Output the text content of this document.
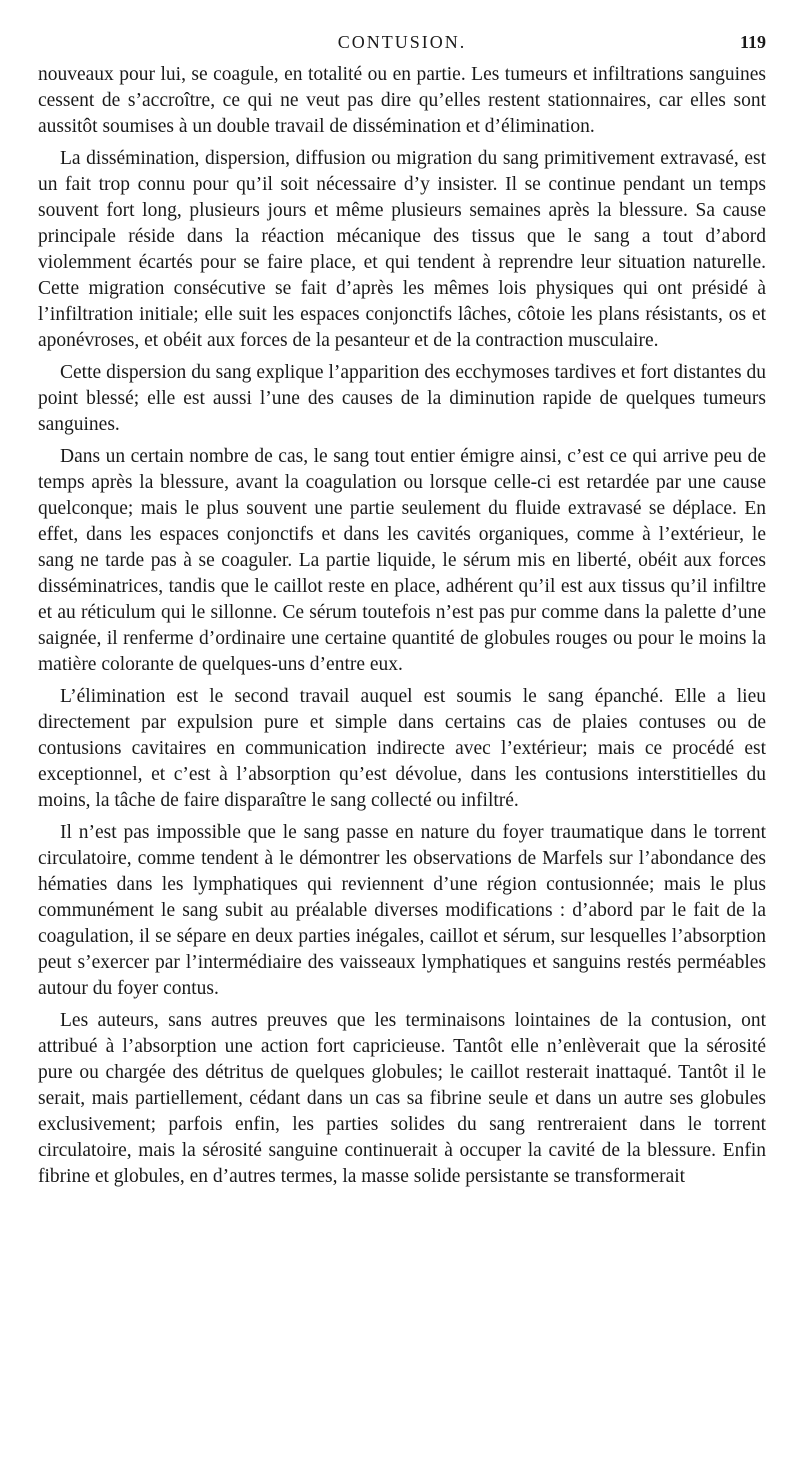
CONTUSION.	119

nouveaux pour lui, se coagule, en totalité ou en partie. Les tumeurs et infiltrations sanguines cessent de s’accroître, ce qui ne veut pas dire qu’elles restent stationnaires, car elles sont aussitôt soumises à un double travail de dissémination et d’élimination.

La dissémination, dispersion, diffusion ou migration du sang primitivement extravasé, est un fait trop connu pour qu’il soit nécessaire d’y insister. Il se continue pendant un temps souvent fort long, plusieurs jours et même plusieurs semaines après la blessure. Sa cause principale réside dans la réaction mécanique des tissus que le sang a tout d’abord violemment écartés pour se faire place, et qui tendent à reprendre leur situation naturelle. Cette migration consécutive se fait d’après les mêmes lois physiques qui ont présidé à l’infiltration initiale; elle suit les espaces conjonctifs lâches, côtoie les plans résistants, os et aponévroses, et obéit aux forces de la pesanteur et de la contraction musculaire.

Cette dispersion du sang explique l’apparition des ecchymoses tardives et fort distantes du point blessé; elle est aussi l’une des causes de la diminution rapide de quelques tumeurs sanguines.

Dans un certain nombre de cas, le sang tout entier émigre ainsi, c’est ce qui arrive peu de temps après la blessure, avant la coagulation ou lorsque celle-ci est retardée par une cause quelconque; mais le plus souvent une partie seulement du fluide extravasé se déplace. En effet, dans les espaces conjonctifs et dans les cavités organiques, comme à l’extérieur, le sang ne tarde pas à se coaguler. La partie liquide, le sérum mis en liberté, obéit aux forces disséminatrices, tandis que le caillot reste en place, adhérent qu’il est aux tissus qu’il infiltre et au réticulum qui le sillonne. Ce sérum toutefois n’est pas pur comme dans la palette d’une saignée, il renferme d’ordinaire une certaine quantité de globules rouges ou pour le moins la matière colorante de quelques-uns d’entre eux.

L’élimination est le second travail auquel est soumis le sang épanché. Elle a lieu directement par expulsion pure et simple dans certains cas de plaies contuses ou de contusions cavitaires en communication indirecte avec l’extérieur; mais ce procédé est exceptionnel, et c’est à l’absorption qu’est dévolue, dans les contusions interstitielles du moins, la tâche de faire disparaître le sang collecté ou infiltré.

Il n’est pas impossible que le sang passe en nature du foyer traumatique dans le torrent circulatoire, comme tendent à le démontrer les observations de Marfels sur l’abondance des hématies dans les lymphatiques qui reviennent d’une région contusionnée; mais le plus communément le sang subit au préalable diverses modifications : d’abord par le fait de la coagulation, il se sépare en deux parties inégales, caillot et sérum, sur lesquelles l’absorption peut s’exercer par l’intermédiaire des vaisseaux lymphatiques et sanguins restés perméables autour du foyer contus.

Les auteurs, sans autres preuves que les terminaisons lointaines de la contusion, ont attribué à l’absorption une action fort capricieuse. Tantôt elle n’enlèverait que la sérosité pure ou chargée des détritus de quelques globules; le caillot resterait inattaqué. Tantôt il le serait, mais partiellement, cédant dans un cas sa fibrine seule et dans un autre ses globules exclusivement; parfois enfin, les parties solides du sang rentreraient dans le torrent circulatoire, mais la sérosité sanguine continuerait à occuper la cavité de la blessure. Enfin fibrine et globules, en d’autres termes, la masse solide persistante se transformerait
